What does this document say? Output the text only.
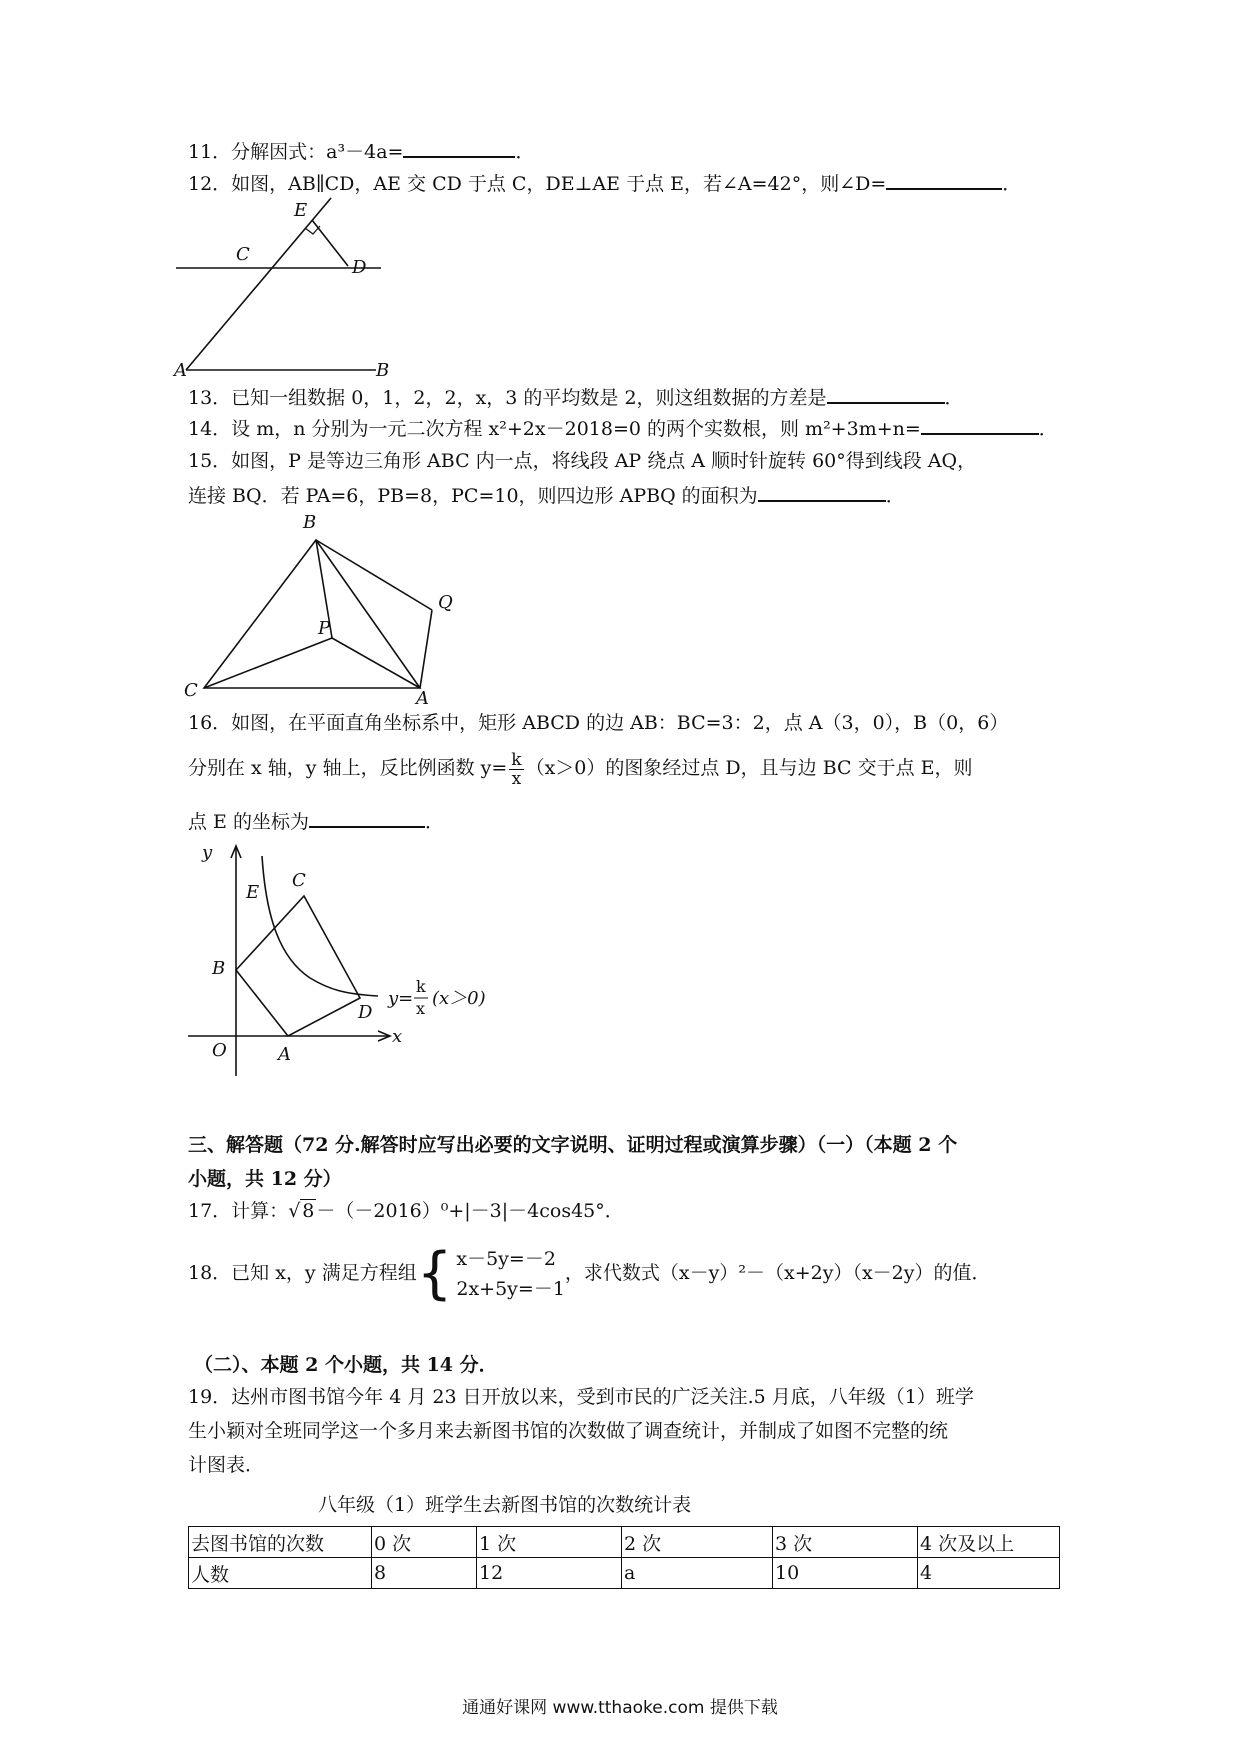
11．分解因式：a³－4a=	．
12．如图，AB∥CD，AE 交 CD 于点 C，DE⊥AE 于点 E，若∠A=42°，则∠D=	．
E
C
D
A	B
13．已知一组数据 0，1，2，2，x，3 的平均数是 2，则这组数据的方差是	．
14．设 m，n 分别为一元二次方程 x²+2x－2018=0 的两个实数根，则 m²+3m+n=	．
15．如图，P 是等边三角形 ABC 内一点，将线段 AP 绕点 A 顺时针旋转 60°得到线段 AQ，
连接 BQ．若 PA=6，PB=8，PC=10，则四边形 APBQ 的面积为	．
B
Q
P
C	A
16．如图，在平面直角坐标系中，矩形 ABCD 的边 AB：BC=3：2，点 A（3，0），B（0，6）
分别在 x 轴，y 轴上，反比例函数 $y= \frac{k}{x} (x>0)$的图象经过点 D，且与边 BC 交于点 E，则
点 E 的坐标为	．
y
C
E
B
D
O	A
x
y=
k
x (x＞0)
三、解答题（72 分.解答时应写出必要的文字说明、证明过程或演算步骤）（一）（本题 2 个
小题，共 12 分）
17．计算：√ 8 －（－2016）⁰+|－3|－4cos45°．
18．已知 x，y 满足方程组 { x－5y=－2
2x+5y=－1
，求代数式（x－y）²－（x+2y）（x－2y）的值．
（二）、本题 2 个小题，共 14 分．
19．达州市图书馆今年 4 月 23 日开放以来，受到市民的广泛关注.5 月底，八年级（1）班学
生小颖对全班同学这一个多月来去新图书馆的次数做了调查统计，并制成了如图不完整的统
计图表．
八年级（1）班学生去新图书馆的次数统计表
去图书馆的次数	0 次	1 次	2 次	3 次	4 次及以上
人数	8	12	a	10	4
通通好课网 www.tthaoke.com 提供下载
